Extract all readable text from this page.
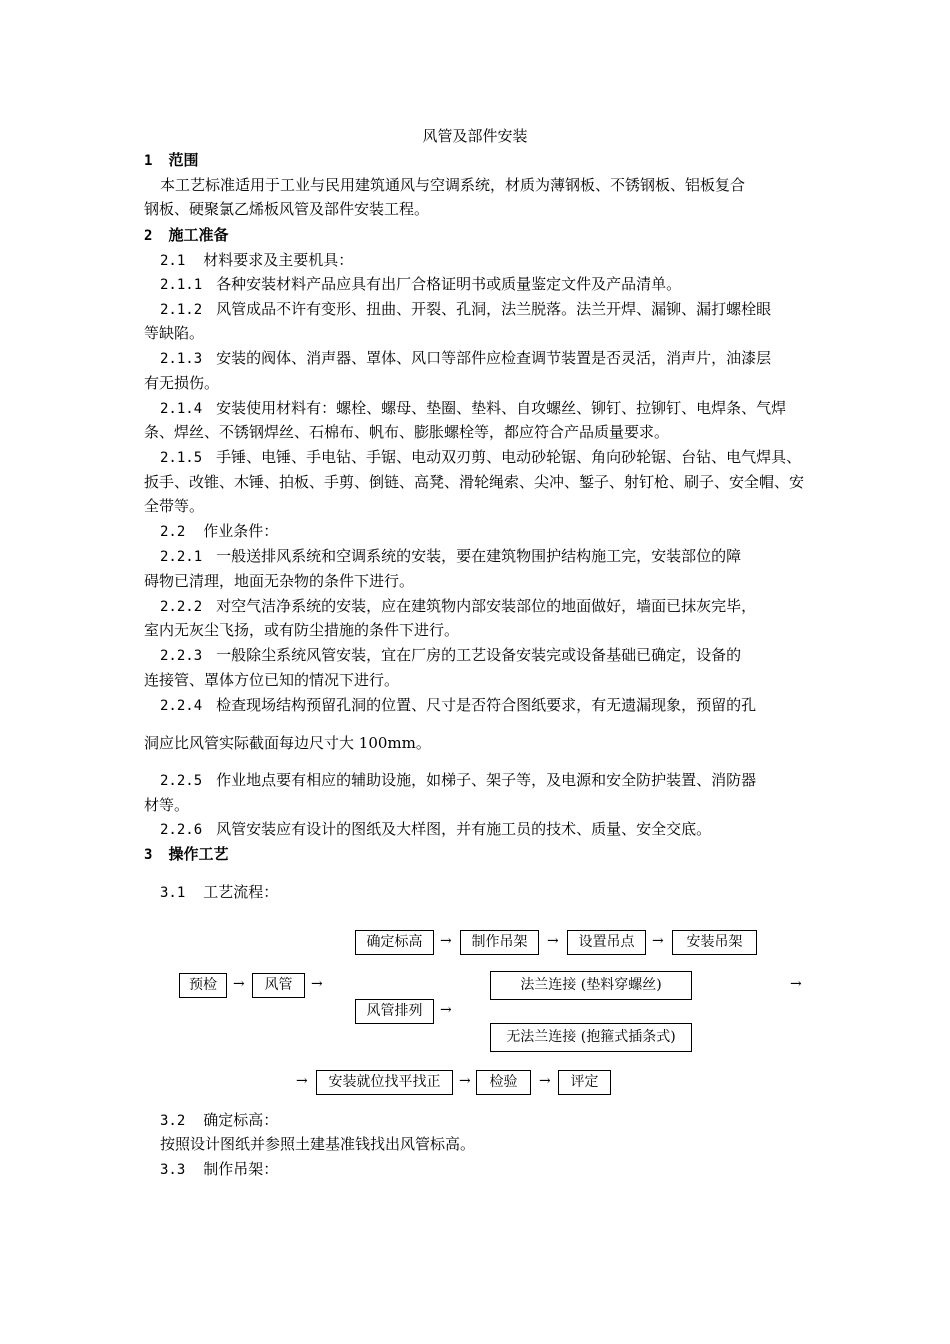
风管及部件安装
1 范围
本工艺标准适用于工业与民用建筑通风与空调系统，材质为薄钢板、不锈钢板、铝板复合
钢板、硬聚氯乙烯板风管及部件安装工程。
2 施工准备
2.1 材料要求及主要机具：
2.1.1 各种安装材料产品应具有出厂合格证明书或质量鉴定文件及产品清单。
2.1.2 风管成品不许有变形、扭曲、开裂、孔洞，法兰脱落。法兰开焊、漏铆、漏打螺栓眼
等缺陷。
2.1.3 安装的阀体、消声器、罩体、风口等部件应检查调节装置是否灵活，消声片，油漆层
有无损伤。
2.1.4 安装使用材料有：螺栓、螺母、垫圈、垫料、自攻螺丝、铆钉、拉铆钉、电焊条、气焊
条、焊丝、不锈钢焊丝、石棉布、帆布、膨胀螺栓等，都应符合产品质量要求。
2.1.5 手锤、电锤、手电钻、手锯、电动双刃剪、电动砂轮锯、角向砂轮锯、台钻、电气焊具、
扳手、改锥、木锤、拍板、手剪、倒链、高凳、滑轮绳索、尖冲、錾子、射钉枪、刷子、安全帽、安
全带等。
2.2 作业条件：
2.2.1 一般送排风系统和空调系统的安装，要在建筑物围护结构施工完，安装部位的障
碍物已清理，地面无杂物的条件下进行。
2.2.2 对空气洁净系统的安装，应在建筑物内部安装部位的地面做好，墙面已抹灰完毕，
室内无灰尘飞扬，或有防尘措施的条件下进行。
2.2.3 一般除尘系统风管安装，宜在厂房的工艺设备安装完或设备基础已确定，设备的
连接管、罩体方位已知的情况下进行。
2.2.4 检查现场结构预留孔洞的位置、尺寸是否符合图纸要求，有无遗漏现象，预留的孔
洞应比风管实际截面每边尺寸大 100mm。
2.2.5 作业地点要有相应的辅助设施，如梯子、架子等，及电源和安全防护装置、消防器
材等。
2.2.6 风管安装应有设计的图纸及大样图，并有施工员的技术、质量、安全交底。
3 操作工艺
3.1 工艺流程：
确定标高	→	制作吊架	→	设置吊点	→	安装吊架
预检	→	风管	→	法兰连接 (垫料穿螺丝)	→
风管排列	→
无法兰连接 (抱箍式插条式)
→	安装就位找平找正	→	检验	→	评定
3.2 确定标高：
按照设计图纸并参照土建基准钱找出风管标高。
3.3 制作吊架：
